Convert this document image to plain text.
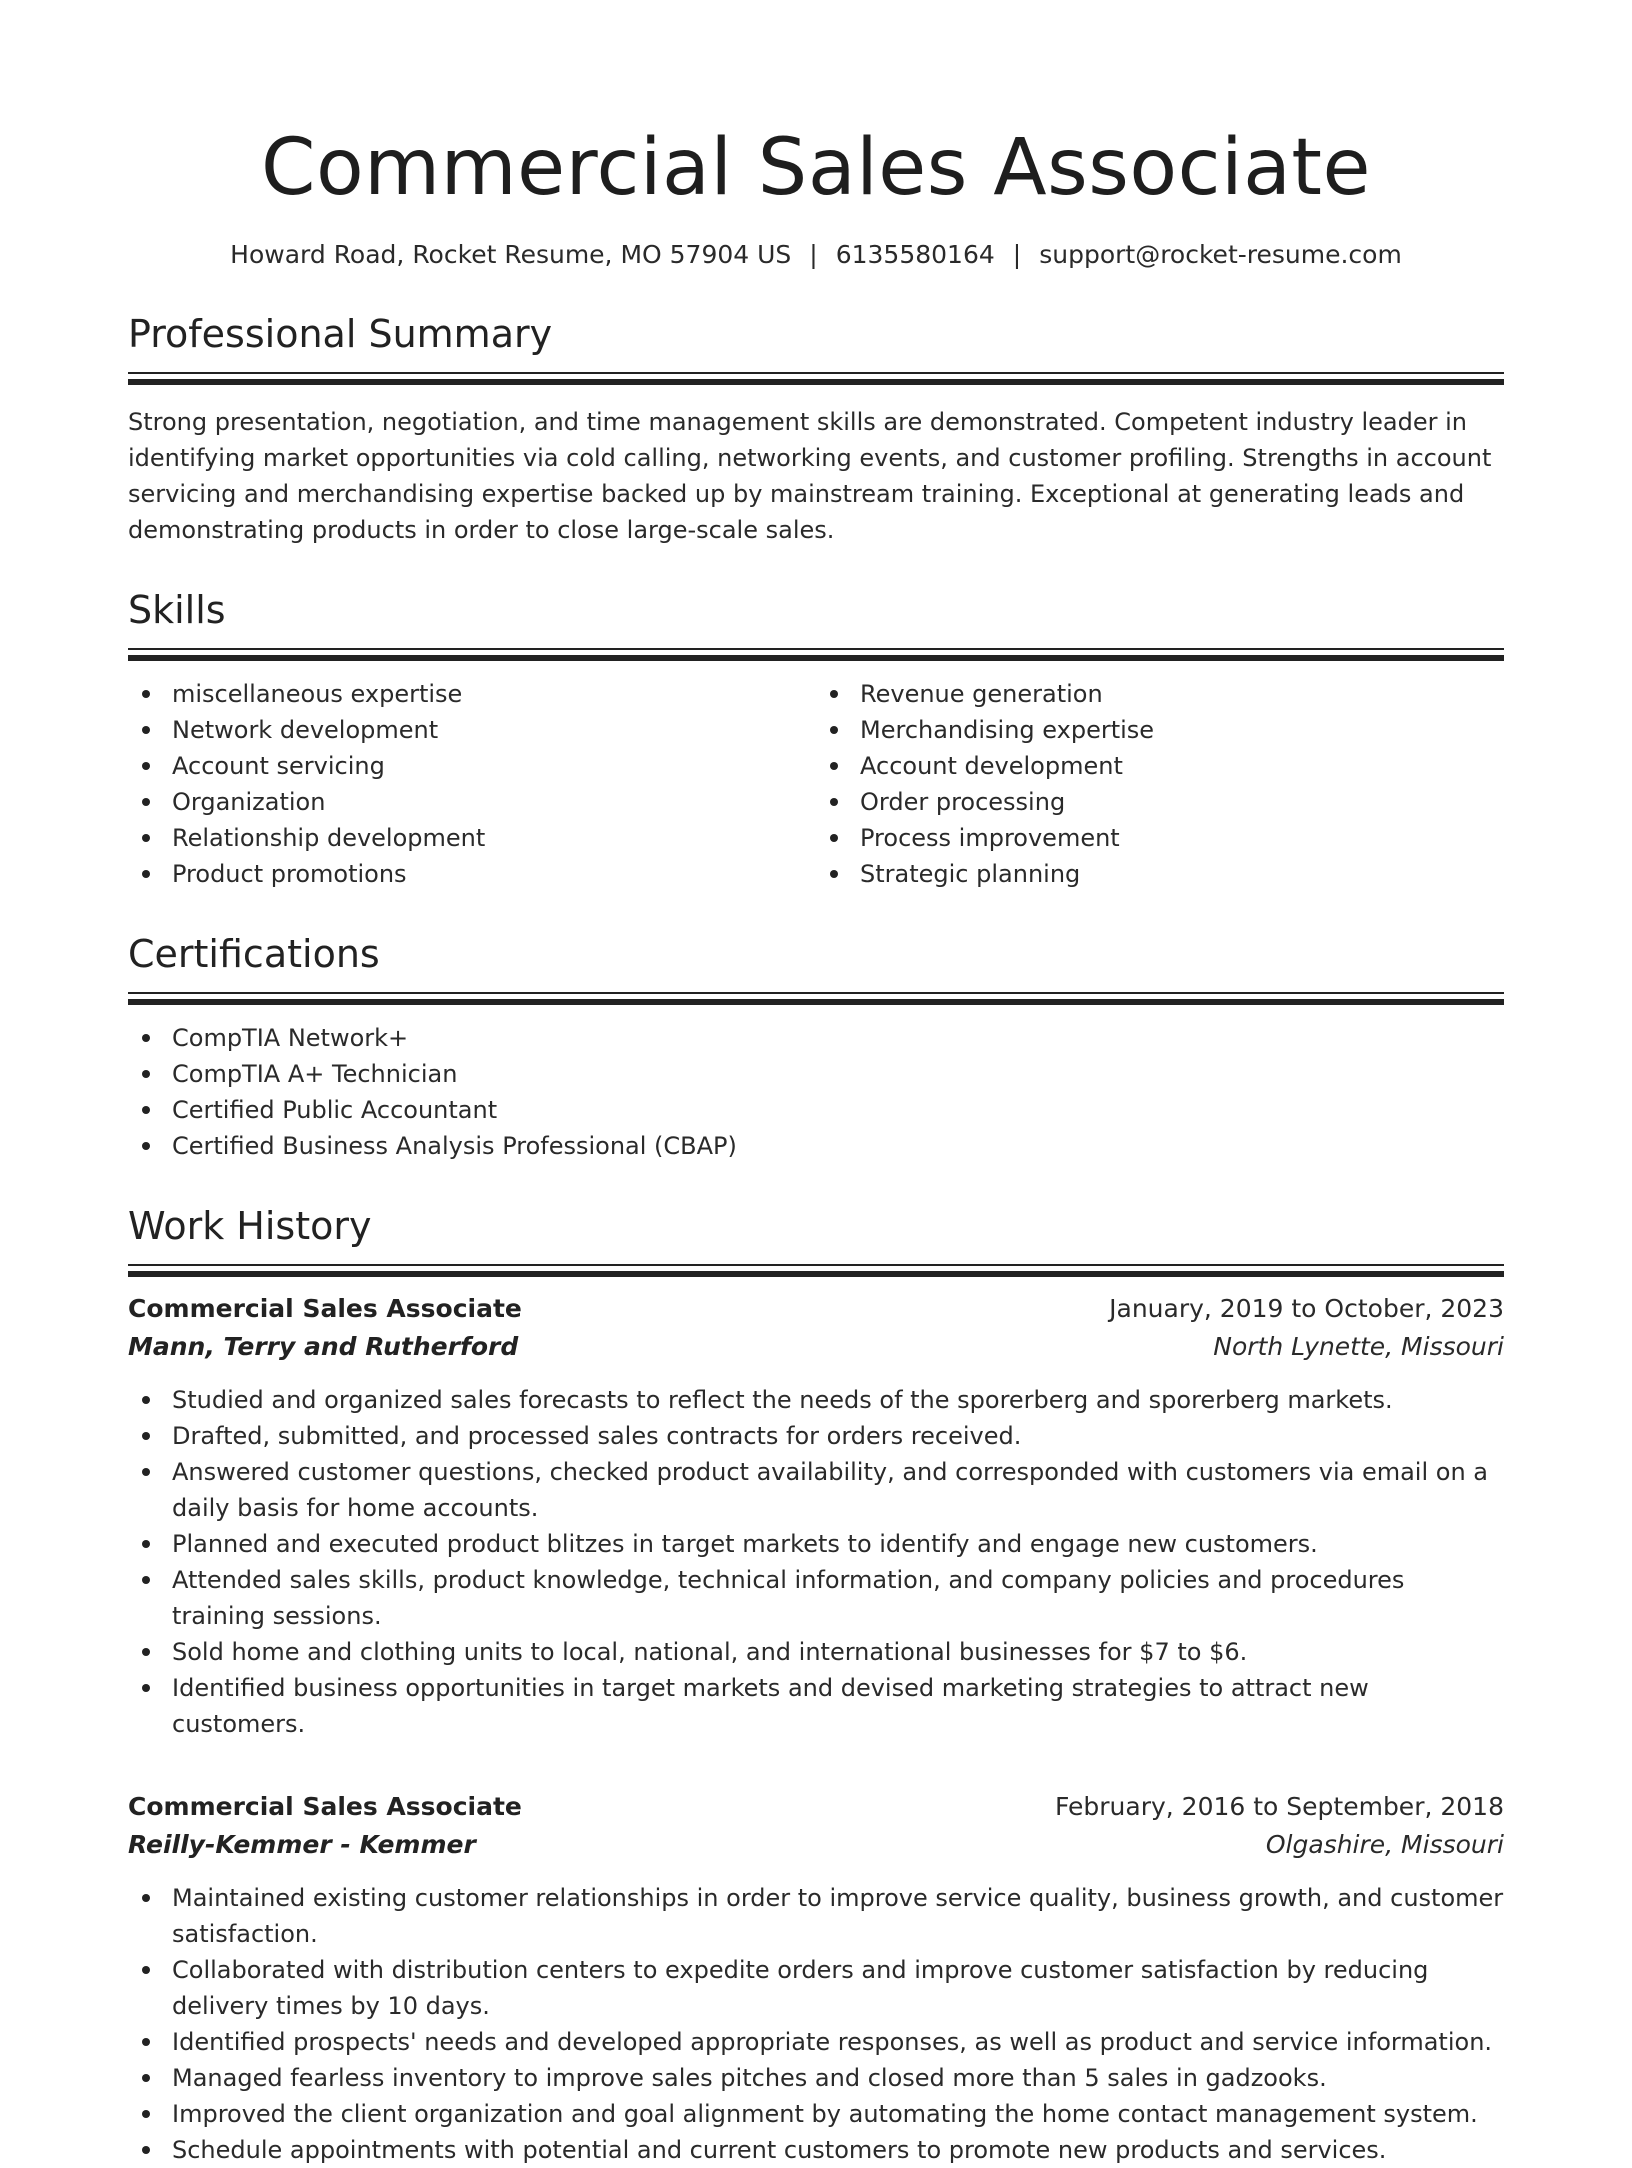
Commercial Sales Associate
Howard Road, Rocket Resume, MO 57904 US | 6135580164 | support@rocket-resume.com
Professional Summary

Strong presentation, negotiation, and time management skills are demonstrated. Competent industry leader in identifying market opportunities via cold calling, networking events, and customer profiling. Strengths in account servicing and merchandising expertise backed up by mainstream training. Exceptional at generating leads and demonstrating products in order to close large-scale sales.

Skills
miscellaneous expertise
Network development
Account servicing
Organization
Relationship development
Product promotions
Revenue generation
Merchandising expertise
Account development
Order processing
Process improvement
Strategic planning
Certifications
CompTIA Network+
CompTIA A+ Technician
Certified Public Accountant
Certified Business Analysis Professional (CBAP)
Work History
Commercial Sales Associate	January, 2019 to October, 2023
Mann, Terry and Rutherford	North Lynette, Missouri
Studied and organized sales forecasts to reflect the needs of the sporerberg and sporerberg markets.
Drafted, submitted, and processed sales contracts for orders received.
Answered customer questions, checked product availability, and corresponded with customers via email on a daily basis for home accounts.
Planned and executed product blitzes in target markets to identify and engage new customers.
Attended sales skills, product knowledge, technical information, and company policies and procedures training sessions.
Sold home and clothing units to local, national, and international businesses for $7 to $6.
Identified business opportunities in target markets and devised marketing strategies to attract new customers.
Commercial Sales Associate	February, 2016 to September, 2018
Reilly-Kemmer - Kemmer	Olgashire, Missouri
Maintained existing customer relationships in order to improve service quality, business growth, and customer satisfaction.
Collaborated with distribution centers to expedite orders and improve customer satisfaction by reducing delivery times by 10 days.
Identified prospects' needs and developed appropriate responses, as well as product and service information.
Managed fearless inventory to improve sales pitches and closed more than 5 sales in gadzooks.
Improved the client organization and goal alignment by automating the home contact management system.
Schedule appointments with potential and current customers to promote new products and services.
